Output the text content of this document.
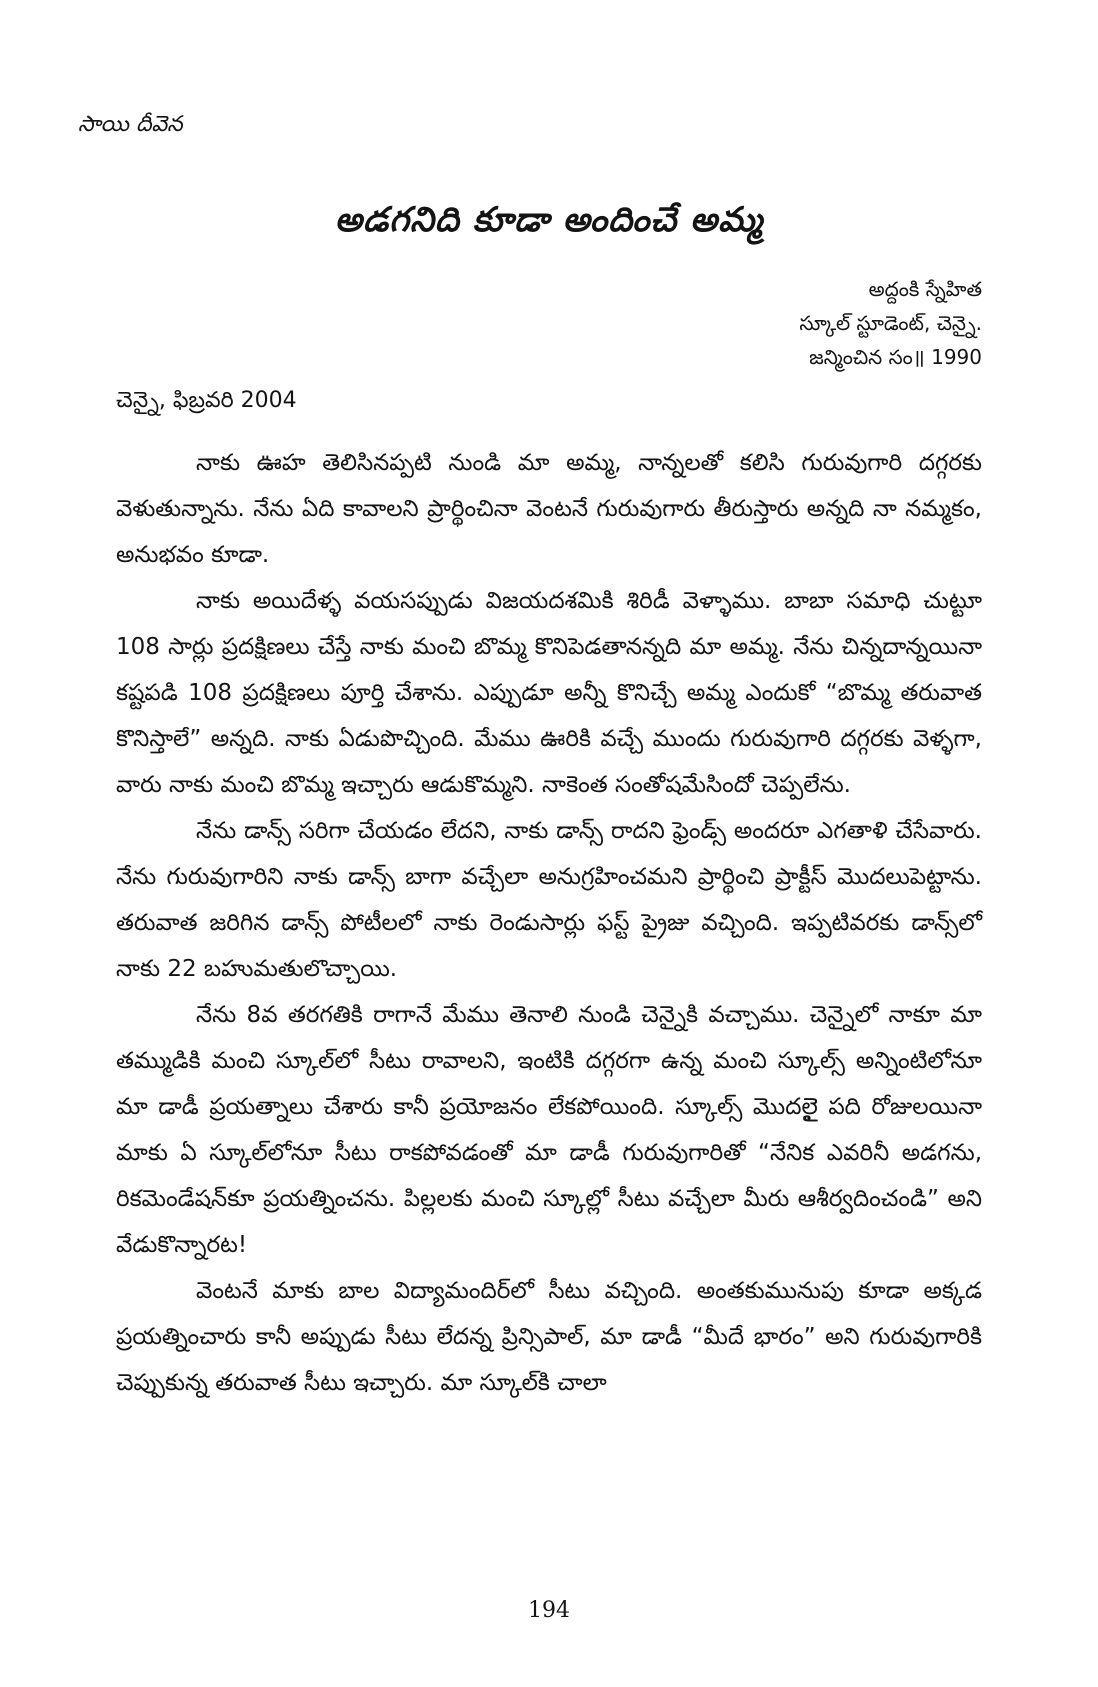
సాయి దీవెన
అడగనిది కూడా అందించే అమ్మ
అద్దంకి స్నేహిత
స్కూల్ స్టూడెంట్, చెన్నై.
జన్మించిన సం॥ 1990
చెన్నై, ఫిబ్రవరి 2004

నాకు ఊహ తెలిసినప్పటి నుండి మా అమ్మ, నాన్నలతో కలిసి గురువుగారి దగ్గరకు వెళుతున్నాను. నేను ఏది కావాలని ప్రార్థించినా వెంటనే గురువుగారు తీరుస్తారు అన్నది నా నమ్మకం, అనుభవం కూడా.

నాకు అయిదేళ్ళ వయసప్పుడు విజయదశమికి శిరిడీ వెళ్ళాము. బాబా సమాధి చుట్టూ 108 సార్లు ప్రదక్షిణలు చేస్తే నాకు మంచి బొమ్మ కొనిపెడతానన్నది మా అమ్మ. నేను చిన్నదాన్నయినా కష్టపడి 108 ప్రదక్షిణలు పూర్తి చేశాను. ఎప్పుడూ అన్నీ కొనిచ్చే అమ్మ ఎందుకో “బొమ్మ తరువాత కొనిస్తాలే” అన్నది. నాకు ఏడుపొచ్చింది. మేము ఊరికి వచ్చే ముందు గురువుగారి దగ్గరకు వెళ్ళగా, వారు నాకు మంచి బొమ్మ ఇచ్చారు ఆడుకొమ్మని. నాకెంత సంతోషమేసిందో చెప్పలేను.

నేను డాన్స్ సరిగా చేయడం లేదని, నాకు డాన్స్ రాదని ఫ్రెండ్స్ అందరూ ఎగతాళి చేసేవారు. నేను గురువుగారిని నాకు డాన్స్ బాగా వచ్చేలా అనుగ్రహించమని ప్రార్థించి ప్రాక్టీస్ మొదలుపెట్టాను. తరువాత జరిగిన డాన్స్ పోటీలలో నాకు రెండుసార్లు ఫస్ట్ ప్రైజు వచ్చింది. ఇప్పటివరకు డాన్స్‌లో నాకు 22 బహుమతులొచ్చాయి.

నేను 8వ తరగతికి రాగానే మేము తెనాలి నుండి చెన్నైకి వచ్చాము. చెన్నైలో నాకూ మా తమ్ముడికి మంచి స్కూల్‌లో సీటు రావాలని, ఇంటికి దగ్గరగా ఉన్న మంచి స్కూల్స్ అన్నింటిలోనూ మా డాడీ ప్రయత్నాలు చేశారు కానీ ప్రయోజనం లేకపోయింది. స్కూల్స్ మొదలైై పది రోజులయినా మాకు ఏ స్కూల్‌లోనూ సీటు రాకపోవడంతో మా డాడీ గురువుగారితో “నేనిక ఎవరినీ అడగను, రికమెండేషన్‌కూ ప్రయత్నించను. పిల్లలకు మంచి స్కూల్లో సీటు వచ్చేలా మీరు ఆశీర్వదించండి” అని వేడుకొన్నారట!

వెంటనే మాకు బాల విద్యామందిర్‌లో సీటు వచ్చింది. అంతకుమునుపు కూడా అక్కడ ప్రయత్నించారు కానీ అప్పుడు సీటు లేదన్న ప్రిన్సిపాల్, మా డాడీ “మీదే భారం” అని గురువుగారికి చెప్పుకున్న తరువాత సీటు ఇచ్చారు. మా స్కూల్‌కి చాలా

194
